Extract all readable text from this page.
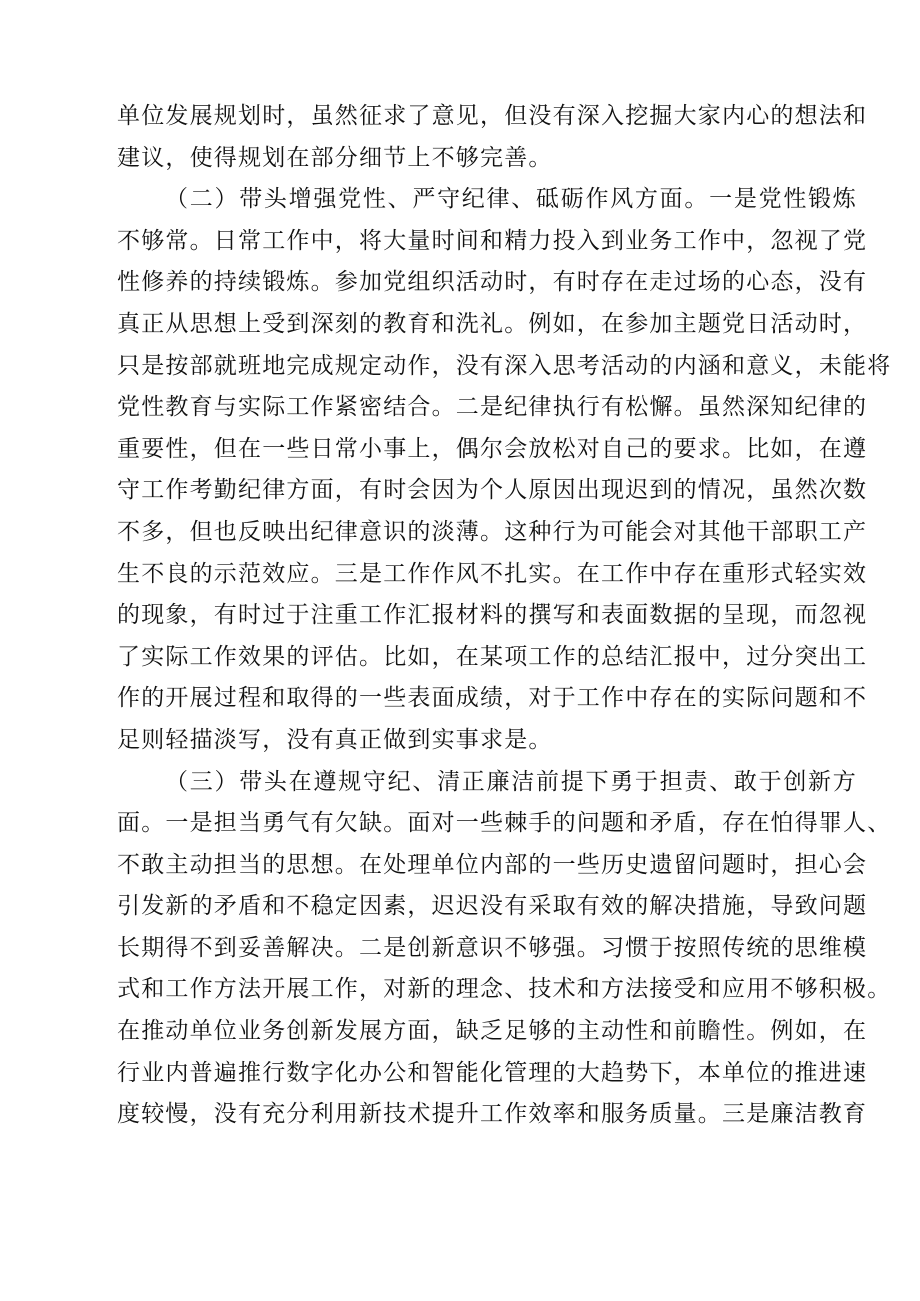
单位发展规划时，虽然征求了意见，但没有深入挖掘大家内心的想法和
建议，使得规划在部分细节上不够完善。
（二）带头增强党性、严守纪律、砥砺作风方面。一是党性锻炼
不够常。日常工作中，将大量时间和精力投入到业务工作中，忽视了党
性修养的持续锻炼。参加党组织活动时，有时存在走过场的心态，没有
真正从思想上受到深刻的教育和洗礼。例如，在参加主题党日活动时，
只是按部就班地完成规定动作，没有深入思考活动的内涵和意义，未能将
党性教育与实际工作紧密结合。二是纪律执行有松懈。虽然深知纪律的
重要性，但在一些日常小事上，偶尔会放松对自己的要求。比如，在遵
守工作考勤纪律方面，有时会因为个人原因出现迟到的情况，虽然次数
不多，但也反映出纪律意识的淡薄。这种行为可能会对其他干部职工产
生不良的示范效应。三是工作作风不扎实。在工作中存在重形式轻实效
的现象，有时过于注重工作汇报材料的撰写和表面数据的呈现，而忽视
了实际工作效果的评估。比如，在某项工作的总结汇报中，过分突出工
作的开展过程和取得的一些表面成绩，对于工作中存在的实际问题和不
足则轻描淡写，没有真正做到实事求是。
（三）带头在遵规守纪、清正廉洁前提下勇于担责、敢于创新方
面。一是担当勇气有欠缺。面对一些棘手的问题和矛盾，存在怕得罪人、
不敢主动担当的思想。在处理单位内部的一些历史遗留问题时，担心会
引发新的矛盾和不稳定因素，迟迟没有采取有效的解决措施，导致问题
长期得不到妥善解决。二是创新意识不够强。习惯于按照传统的思维模
式和工作方法开展工作，对新的理念、技术和方法接受和应用不够积极。
在推动单位业务创新发展方面，缺乏足够的主动性和前瞻性。例如，在
行业内普遍推行数字化办公和智能化管理的大趋势下，本单位的推进速
度较慢，没有充分利用新技术提升工作效率和服务质量。三是廉洁教育
